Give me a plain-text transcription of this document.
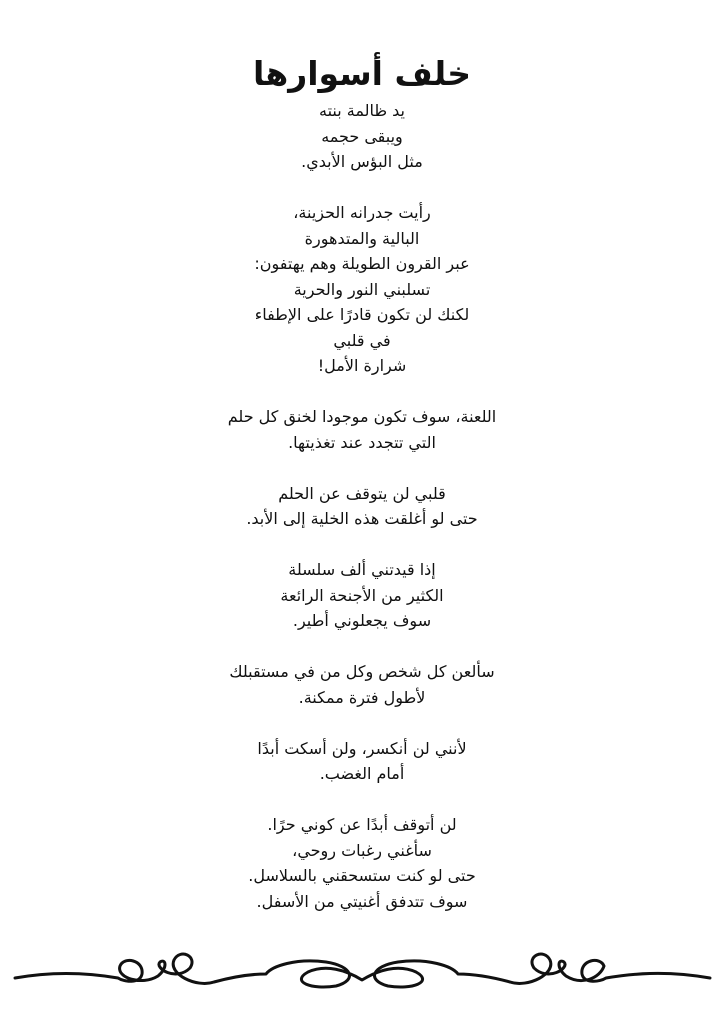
خلف أسوارها
يد ظالمة بنته
ويبقى حجمه
مثل البؤس الأبدي.
رأيت جدرانه الحزينة،
البالية والمتدهورة
عبر القرون الطويلة وهم يهتفون:
تسلبني النور والحرية
لكنك لن تكون قادرًا على الإطفاء
في قلبي
شرارة الأمل!
اللعنة، سوف تكون موجودا لخنق كل حلم
التي تتجدد عند تغذيتها.
قلبي لن يتوقف عن الحلم
حتى لو أغلقت هذه الخلية إلى الأبد.
إذا قيدتني ألف سلسلة
الكثير من الأجنحة الرائعة
سوف يجعلوني أطير.
سألعن كل شخص وكل من في مستقبلك
لأطول فترة ممكنة.
لأنني لن أنكسر، ولن أسكت أبدًا
أمام الغضب.
لن أتوقف أبدًا عن كوني حرًا.
سأغني رغبات روحي،
حتى لو كنت ستسحقني بالسلاسل.
سوف تتدفق أغنيتي من الأسفل.
